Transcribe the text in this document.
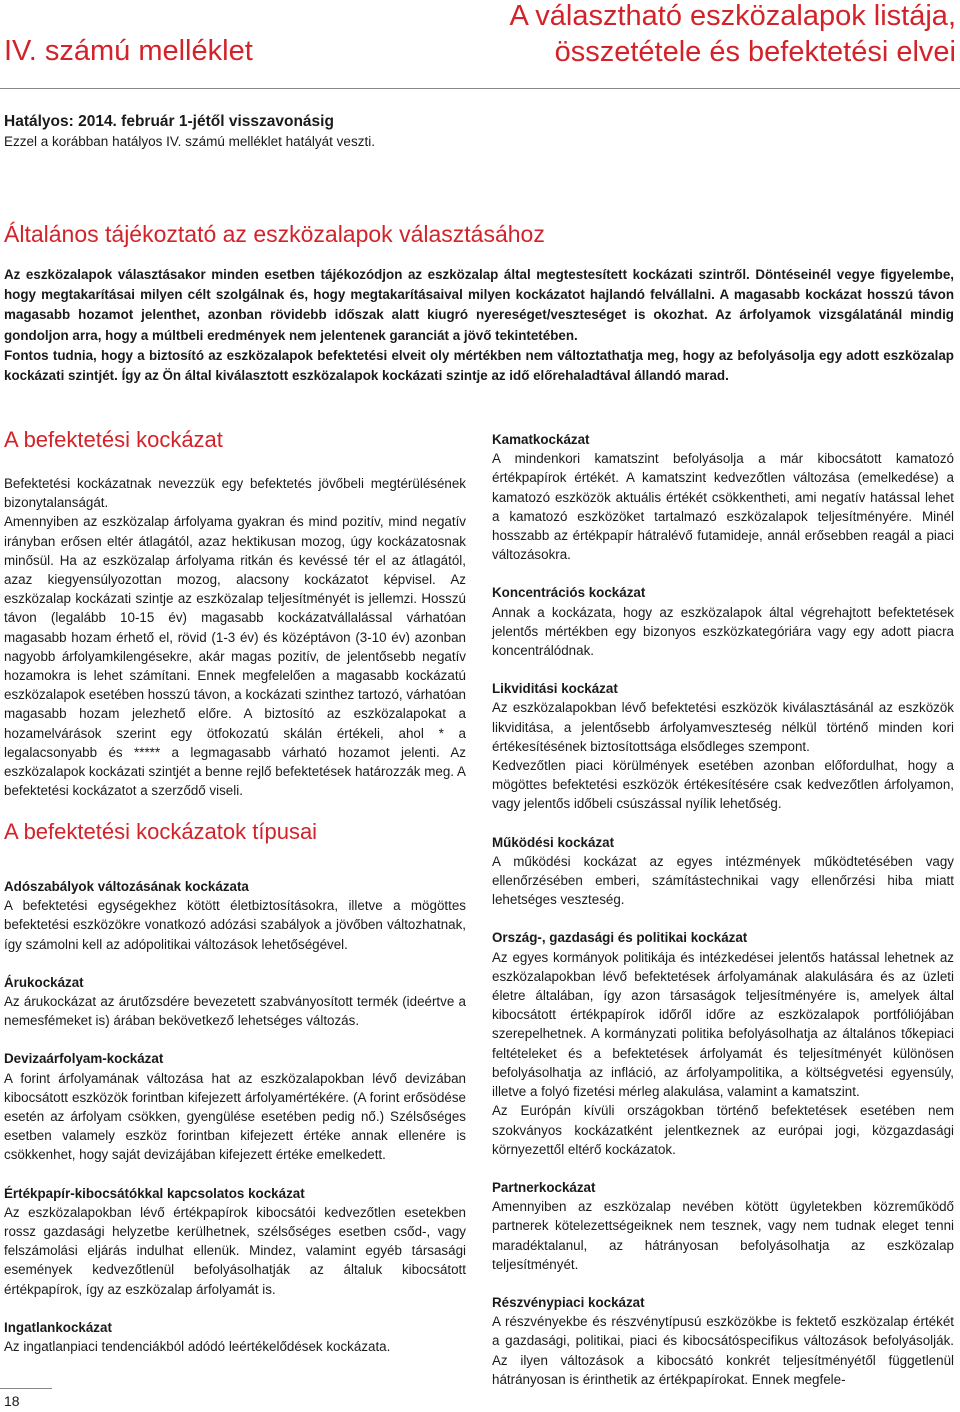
IV. számú melléklet
A választható eszközalapok listája,
összetétele és befektetési elvei
Hatályos: 2014. február 1-jétől visszavonásig
Ezzel a korábban hatályos IV. számú melléklet hatályát veszti.
Általános tájékoztató az eszközalapok választásához

Az eszközalapok választásakor minden esetben tájékozódjon az eszközalap által megtestesített kockázati szintről. Döntéseinél vegye figyelembe, hogy megtakarításai milyen célt szolgálnak és, hogy megtakarításaival milyen kockázatot hajlandó felvállalni. A magasabb kockázat hosszú távon magasabb hozamot jelenthet, azonban rövidebb időszak alatt kiugró nyereséget/veszteséget is okozhat. Az árfolyamok vizsgálatánál mindig gondoljon arra, hogy a múltbeli eredmények nem jelentenek garanciát a jövő tekintetében.

Fontos tudnia, hogy a biztosító az eszközalapok befektetési elveit oly mértékben nem változtathatja meg, hogy az befolyásolja egy adott eszközalap kockázati szintjét. Így az Ön által kiválasztott eszközalapok kockázati szintje az idő előrehaladtával állandó marad.

A befektetési kockázat

Befektetési kockázatnak nevezzük egy befektetés jövőbeli megtérülésének bizonytalanságát.

Amennyiben az eszközalap árfolyama gyakran és mind pozitív, mind negatív irányban erősen eltér átlagától, azaz hektikusan mozog, úgy kockázatosnak minősül. Ha az eszközalap árfolyama ritkán és kevéssé tér el az átlagától, azaz kiegyensúlyozottan mozog, alacsony kockázatot képvisel. Az eszközalap kockázati szintje az eszközalap teljesítményét is jellemzi. Hosszú távon (legalább 10-15 év) magasabb kockázatvállalással várhatóan magasabb hozam érhető el, rövid (1-3 év) és középtávon (3-10 év) azonban nagyobb árfolyamkilengésekre, akár magas pozitív, de jelentősebb negatív hozamokra is lehet számítani. Ennek megfelelően a magasabb kockázatú eszközalapok esetében hosszú távon, a kockázati szinthez tartozó, várhatóan magasabb hozam jelezhető előre. A biztosító az eszközalapokat a hozamelvárások szerint egy ötfokozatú skálán értékeli, ahol * a legalacsonyabb és ***** a legmagasabb várható hozamot jelenti. Az eszközalapok kockázati szintjét a benne rejlő befektetések határozzák meg. A befektetési kockázatot a szerződő viseli.

A befektetési kockázatok típusai

Adószabályok változásának kockázata

A befektetési egységekhez kötött életbiztosításokra, illetve a mögöttes befektetési eszközökre vonatkozó adózási szabályok a jövőben változhatnak, így számolni kell az adópolitikai változások lehetőségével.

Árukockázat

Az árukockázat az árutőzsdére bevezetett szabványosított termék (ideértve a nemesfémeket is) árában bekövetkező lehetséges változás.

Devizaárfolyam-kockázat

A forint árfolyamának változása hat az eszközalapokban lévő devizában kibocsátott eszközök forintban kifejezett árfolyamértékére. (A forint erősödése esetén az árfolyam csökken, gyengülése esetében pedig nő.) Szélsőséges esetben valamely eszköz forintban kifejezett értéke annak ellenére is csökkenhet, hogy saját devizájában kifejezett értéke emelkedett.

Értékpapír-kibocsátókkal kapcsolatos kockázat

Az eszközalapokban lévő értékpapírok kibocsátói kedvezőtlen esetekben rossz gazdasági helyzetbe kerülhetnek, szélsőséges esetben csőd-, vagy felszámolási eljárás indulhat ellenük. Mindez, valamint egyéb társasági események kedvezőtlenül befolyásolhatják az általuk kibocsátott értékpapírok, így az eszközalap árfolyamát is.

Ingatlankockázat

Az ingatlanpiaci tendenciákból adódó leértékelődések kockázata.

Kamatkockázat

A mindenkori kamatszint befolyásolja a már kibocsátott kamatozó értékpapírok értékét. A kamatszint kedvezőtlen változása (emelkedése) a kamatozó eszközök aktuális értékét csökkentheti, ami negatív hatással lehet a kamatozó eszközöket tartalmazó eszközalapok teljesítményére. Minél hosszabb az értékpapír hátralévő futamideje, annál erősebben reagál a piaci változásokra.

Koncentrációs kockázat

Annak a kockázata, hogy az eszközalapok által végrehajtott befektetések jelentős mértékben egy bizonyos eszközkategóriára vagy egy adott piacra koncentrálódnak.

Likviditási kockázat

Az eszközalapokban lévő befektetési eszközök kiválasztásánál az eszközök likviditása, a jelentősebb árfolyamveszteség nélkül történő minden kori értékesítésének biztosítottsága elsődleges szempont.

Kedvezőtlen piaci körülmények esetében azonban előfordulhat, hogy a mögöttes befektetési eszközök értékesítésére csak kedvezőtlen árfolyamon, vagy jelentős időbeli csúszással nyílik lehetőség.

Működési kockázat

A működési kockázat az egyes intézmények működtetésében vagy ellenőrzésében emberi, számítástechnikai vagy ellenőrzési hiba miatt lehetséges veszteség.

Ország-, gazdasági és politikai kockázat

Az egyes kormányok politikája és intézkedései jelentős hatással lehetnek az eszközalapokban lévő befektetések árfolyamának alakulására és az üzleti életre általában, így azon társaságok teljesítményére is, amelyek által kibocsátott értékpapírok időről időre az eszközalapok portfóliójában szerepelhetnek. A kormányzati politika befolyásolhatja az általános tőkepiaci feltételeket és a befektetések árfolyamát és teljesítményét különösen befolyásolhatja az infláció, az árfolyampolitika, a költségvetési egyensúly, illetve a folyó fizetési mérleg alakulása, valamint a kamatszint.

Az Európán kívüli országokban történő befektetések esetében nem szokványos kockázatként jelentkeznek az európai jogi, közgazdasági környezettől eltérő kockázatok.

Partnerkockázat

Amennyiben az eszközalap nevében kötött ügyletekben közreműködő partnerek kötelezettségeiknek nem tesznek, vagy nem tudnak eleget tenni maradéktalanul, az hátrányosan befolyásolhatja az eszközalap teljesítményét.

Részvénypiaci kockázat

A részvényekbe és részvénytípusú eszközökbe is fektető eszközalap értékét a gazdasági, politikai, piaci és kibocsátóspecifikus változások befolyásolják. Az ilyen változások a kibocsátó konkrét teljesítményétől függetlenül hátrányosan is érinthetik az értékpapírokat. Ennek megfele-

18
